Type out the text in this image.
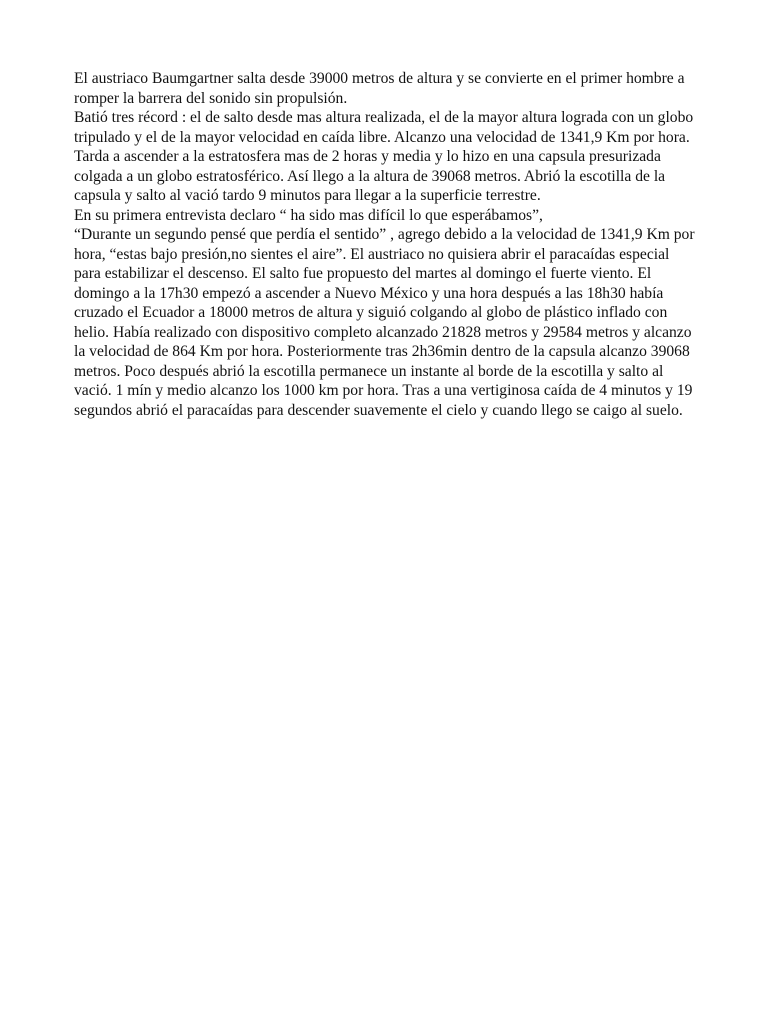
El austriaco Baumgartner salta desde 39000 metros de altura y se convierte en el primer hombre a romper la barrera del sonido sin propulsión.

Batió tres récord : el de salto desde mas altura realizada, el de la mayor altura lograda con un globo tripulado y el de la mayor velocidad en caída libre. Alcanzo una velocidad de 1341,9 Km por hora.

Tarda a ascender a la estratosfera mas de 2 horas y media y lo hizo en una capsula presurizada colgada a un globo estratosférico. Así llego a la altura de 39068 metros. Abrió la escotilla de la capsula y salto al vació tardo 9 minutos para llegar a la superficie terrestre.

En su primera entrevista declaro “ ha sido mas difícil lo que esperábamos”,
“Durante un segundo pensé que perdía el sentido” , agrego debido a la velocidad de 1341,9 Km por hora, “estas bajo presión,no sientes el aire”. El austriaco no quisiera abrir el paracaídas especial para estabilizar el descenso. El salto fue propuesto del martes al domingo el fuerte viento. El domingo a la 17h30 empezó a ascender a Nuevo México y una hora después a las 18h30 había cruzado el Ecuador a 18000 metros de altura y siguió colgando al globo de plástico inflado con helio. Había realizado con dispositivo completo alcanzado 21828 metros y 29584 metros y alcanzo la velocidad de 864 Km por hora. Posteriormente tras 2h36min dentro de la capsula alcanzo 39068 metros. Poco después abrió la escotilla permanece un instante al borde de la escotilla y salto al vació. 1 mín y medio alcanzo los 1000 km por hora. Tras a una vertiginosa caída de 4 minutos y 19 segundos abrió el paracaídas para descender suavemente el cielo y cuando llego se caigo al suelo.
